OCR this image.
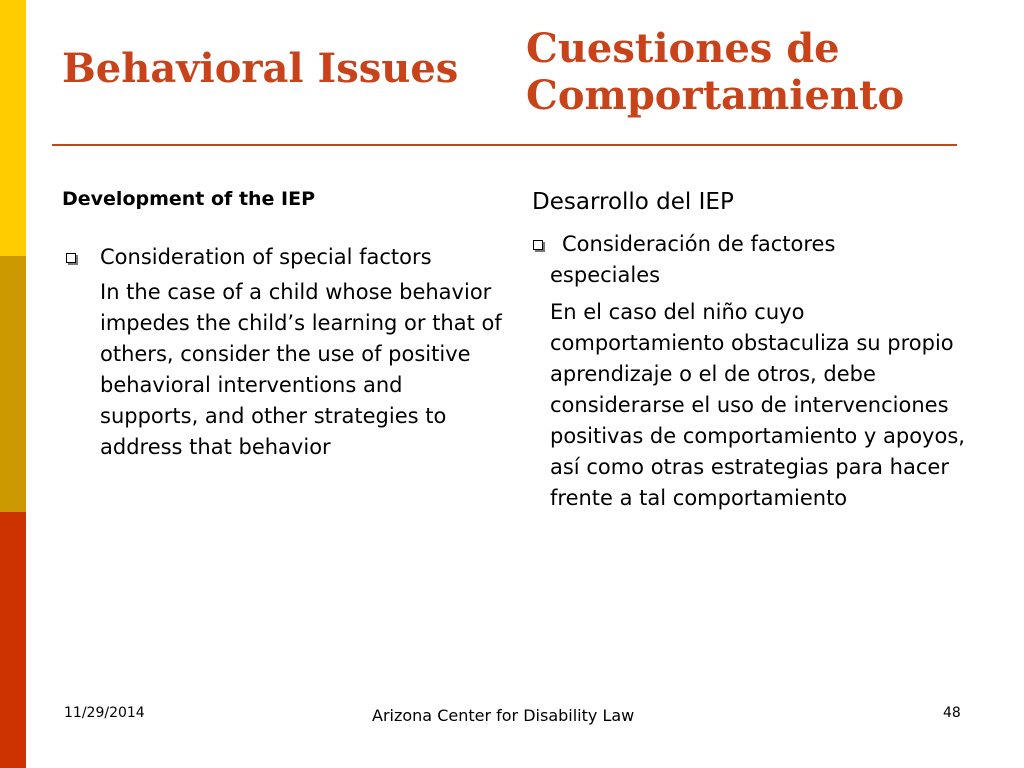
Behavioral Issues Cuestiones de Comportamiento

Development of the IEP

Consideration of special factors

In the case of a child whose behavior impedes the child’s learning or that of others, consider the use of positive behavioral interventions and supports, and other strategies to address that behavior

Desarrollo del IEP

Consideración de factores

especiales

En el caso del niño cuyo comportamiento obstaculiza su propio aprendizaje o el de otros, debe considerarse el uso de intervenciones positivas de comportamiento y apoyos, así como otras estrategias para hacer frente a tal comportamiento

11/29/2014	Arizona Center for Disability Law	48
